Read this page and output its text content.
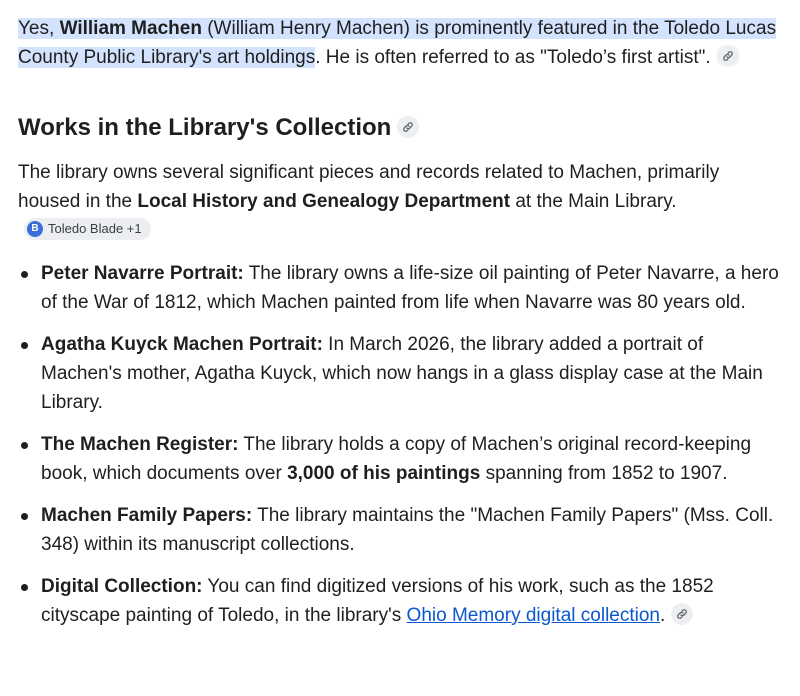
Yes, William Machen (William Henry Machen) is prominently featured in the Toledo Lucas County Public Library's art holdings. He is often referred to as "Toledo’s first artist".

Works in the Library's Collection

The library owns several significant pieces and records related to Machen, primarily housed in the Local History and Genealogy Department at the Main Library.
B Toledo Blade +1

Peter Navarre Portrait: The library owns a life-size oil painting of Peter Navarre, a hero of the War of 1812, which Machen painted from life when Navarre was 80 years old.
Agatha Kuyck Machen Portrait: In March 2026, the library added a portrait of Machen's mother, Agatha Kuyck, which now hangs in a glass display case at the Main Library.
The Machen Register: The library holds a copy of Machen’s original record-keeping book, which documents over 3,000 of his paintings spanning from 1852 to 1907.
Machen Family Papers: The library maintains the "Machen Family Papers" (Mss. Coll. 348) within its manuscript collections.
Digital Collection: You can find digitized versions of his work, such as the 1852 cityscape painting of Toledo, in the library's Ohio Memory digital collection.
